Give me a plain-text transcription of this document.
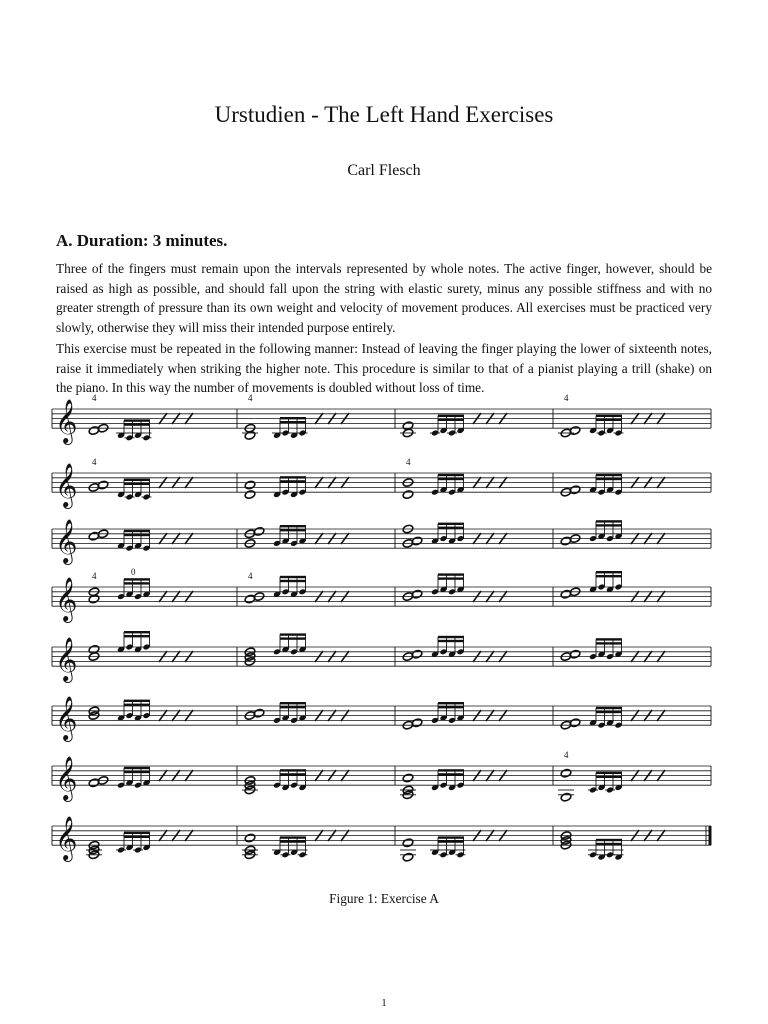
Urstudien - The Left Hand Exercises
Carl Flesch
A. Duration: 3 minutes.

Three of the fingers must remain upon the intervals represented by whole notes. The active finger, however, should be raised as high as possible, and should fall upon the string with elastic surety, minus any possible stiffness and with no greater strength of pressure than its own weight and velocity of movement produces. All exercises must be practiced very slowly, otherwise they will miss their intended purpose entirely.

This exercise must be repeated in the following manner: Instead of leaving the finger playing the lower of sixteenth notes, raise it immediately when striking the higher note. This procedure is similar to that of a pianist playing a trill (shake) on the piano. In this way the number of movements is doubled without loss of time.

𝄞
4	4	4
𝄞
4	4
𝄞
𝄞
4	0	4
𝄞
𝄞
𝄞
4
𝄞
Figure 1: Exercise A
1
